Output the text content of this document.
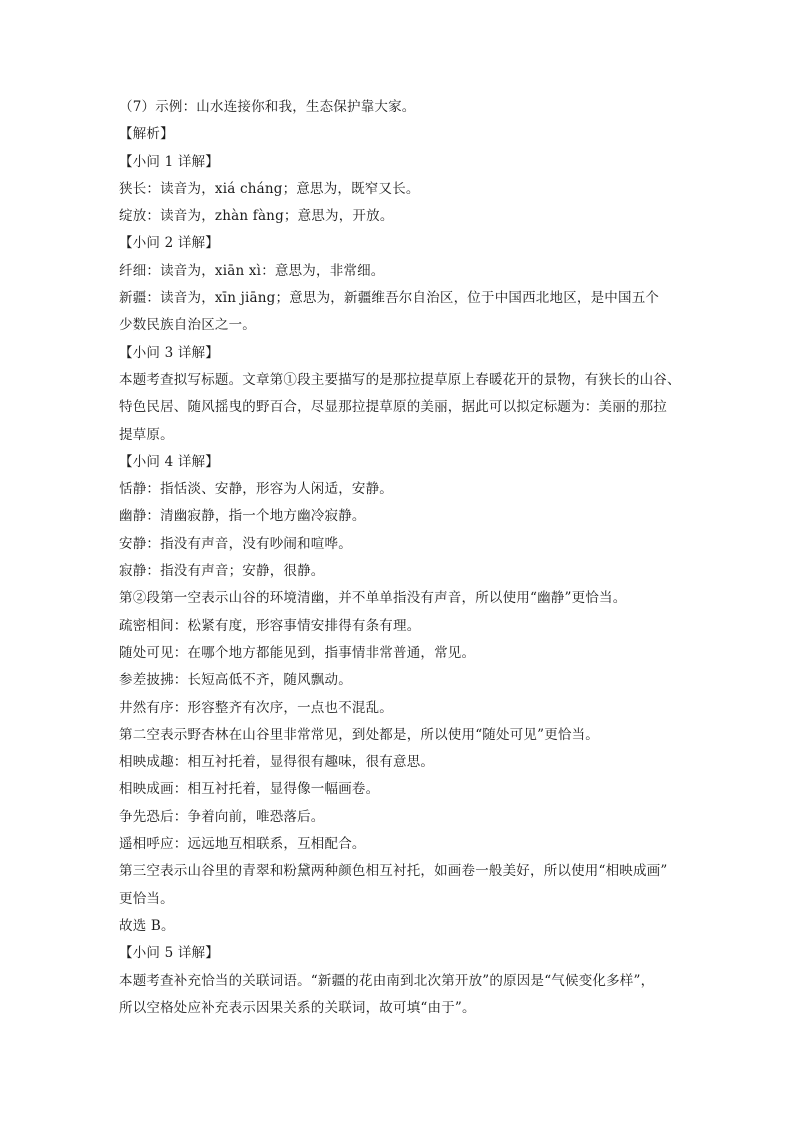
（7）示例：山水连接你和我，生态保护靠大家。
【解析】
【小问 1 详解】
狭长：读音为，xiá cháng；意思为，既窄又长。
绽放：读音为，zhàn fàng；意思为，开放。
【小问 2 详解】
纤细：读音为，xiān xì：意思为，非常细。
新疆：读音为，xīn jiāng；意思为，新疆维吾尔自治区，位于中国西北地区，是中国五个
少数民族自治区之一。
【小问 3 详解】
本题考查拟写标题。文章第①段主要描写的是那拉提草原上春暖花开的景物，有狭长的山谷、
特色民居、随风摇曳的野百合，尽显那拉提草原的美丽，据此可以拟定标题为：美丽的那拉
提草原。
【小问 4 详解】
恬静：指恬淡、安静，形容为人闲适，安静。
幽静：清幽寂静，指一个地方幽冷寂静。
安静：指没有声音，没有吵闹和喧哗。
寂静：指没有声音；安静，很静。
第②段第一空表示山谷的环境清幽，并不单单指没有声音，所以使用“幽静”更恰当。
疏密相间：松紧有度，形容事情安排得有条有理。
随处可见：在哪个地方都能见到，指事情非常普通，常见。
参差披拂：长短高低不齐，随风飘动。
井然有序：形容整齐有次序，一点也不混乱。
第二空表示野杏林在山谷里非常常见，到处都是，所以使用“随处可见”更恰当。
相映成趣：相互衬托着，显得很有趣味，很有意思。
相映成画：相互衬托着，显得像一幅画卷。
争先恐后：争着向前，唯恐落后。
遥相呼应：远远地互相联系，互相配合。
第三空表示山谷里的青翠和粉黛两种颜色相互衬托，如画卷一般美好，所以使用“相映成画”
更恰当。
故选 B。
【小问 5 详解】
本题考查补充恰当的关联词语。“新疆的花由南到北次第开放”的原因是“气候变化多样”，
所以空格处应补充表示因果关系的关联词，故可填“由于”。
